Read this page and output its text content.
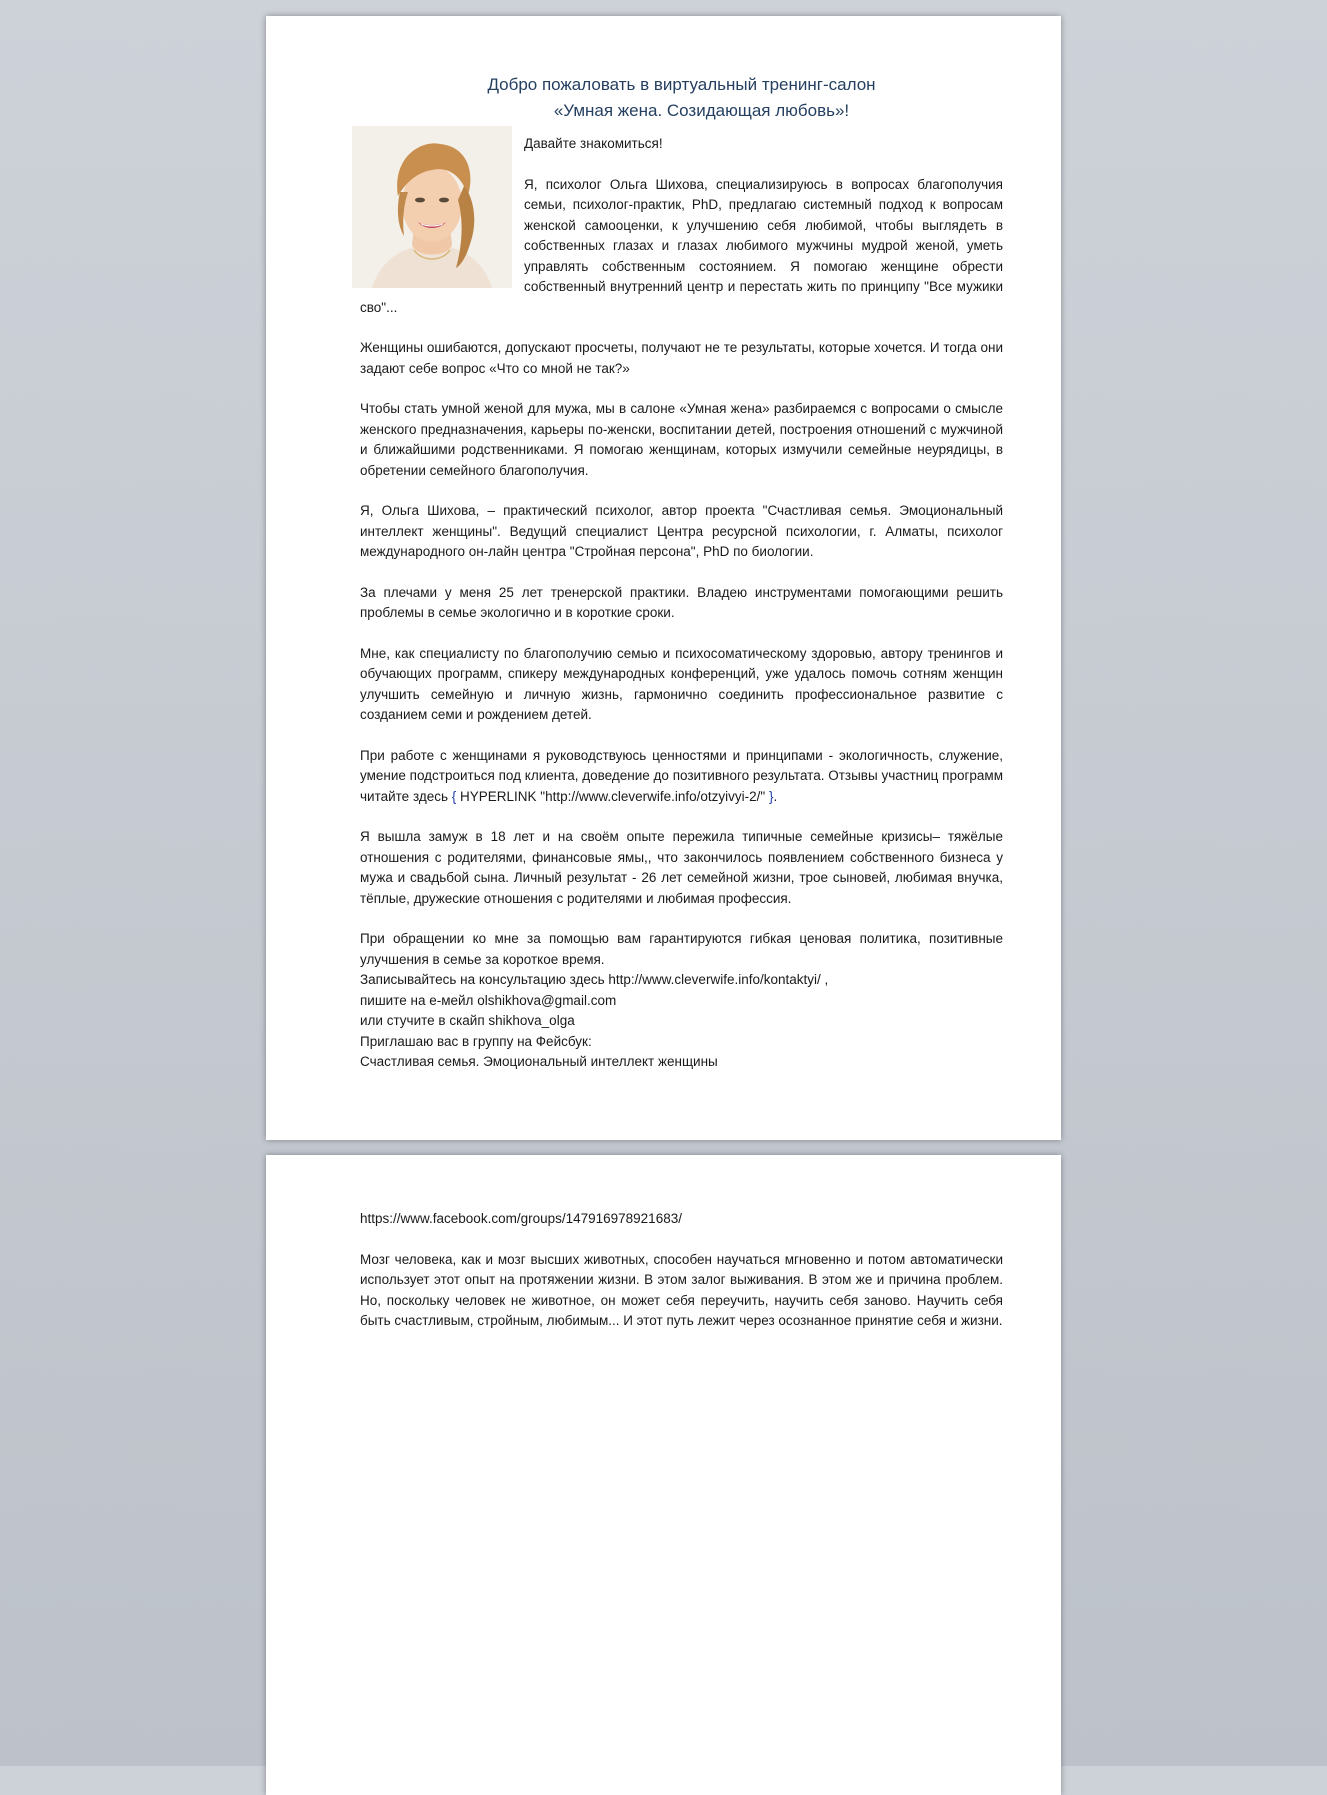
Добро пожаловать в виртуальный тренинг-салон
«Умная жена. Созидающая любовь»!

Давайте знакомиться!

Я, психолог Ольга Шихова, специализируюсь в вопросах благополучия семьи, психолог-практик, PhD, предлагаю системный подход к вопросам женской самооценки, к улучшению себя любимой, чтобы выглядеть в собственных глазах и глазах любимого мужчины мудрой женой, уметь управлять собственным состоянием. Я помогаю женщине обрести собственный внутренний центр и перестать жить по принципу "Все мужики сво"...

Женщины ошибаются, допускают просчеты, получают не те результаты, которые хочется. И тогда они задают себе вопрос «Что со мной не так?»

Чтобы стать умной женой для мужа, мы в салоне «Умная жена» разбираемся с вопросами о смысле женского предназначения, карьеры по-женски, воспитании детей, построения отношений с мужчиной и ближайшими родственниками. Я помогаю женщинам, которых измучили семейные неурядицы, в обретении семейного благополучия.

Я, Ольга Шихова, – практический психолог, автор проекта "Счастливая семья. Эмоциональный интеллект женщины". Ведущий специалист Центра ресурсной психологии, г. Алматы, психолог международного он-лайн центра "Стройная персона", PhD по биологии.

За плечами у меня 25 лет тренерской практики. Владею инструментами помогающими решить проблемы в семье экологично и в короткие сроки.

Мне, как специалисту по благополучию семью и психосоматическому здоровью, автору тренингов и обучающих программ, спикеру международных конференций, уже удалось помочь сотням женщин улучшить семейную и личную жизнь, гармонично соединить профессиональное развитие с созданием семи и рождением детей.

При работе с женщинами я руководствуюсь ценностями и принципами - экологичность, служение, умение подстроиться под клиента, доведение до позитивного результата. Отзывы участниц программ читайте здесь { HYPERLINK "http://www.cleverwife.info/otzyivyi-2/" }.

Я вышла замуж в 18 лет и на своём опыте пережила типичные семейные кризисы– тяжёлые отношения с родителями, финансовые ямы,, что закончилось появлением собственного бизнеса у мужа и свадьбой сына. Личный результат - 26 лет семейной жизни, трое сыновей, любимая внучка, тёплые, дружеские отношения с родителями и любимая профессия.

При обращении ко мне за помощью вам гарантируются гибкая ценовая политика, позитивные улучшения в семье за короткое время.

Записывайтесь на консультацию здесь http://www.cleverwife.info/kontaktyi/ ,

пишите на е-мейл olshikhova@gmail.com

или стучите в скайп shikhova_olga

Приглашаю вас в группу на Фейсбук:

Счастливая семья. Эмоциональный интеллект женщины

https://www.facebook.com/groups/147916978921683/

Мозг человека, как и мозг высших животных, способен научаться мгновенно и потом автоматически использует этот опыт на протяжении жизни. В этом залог выживания. В этом же и причина проблем. Но, поскольку человек не животное, он может себя переучить, научить себя заново. Научить себя быть счастливым, стройным, любимым... И этот путь лежит через осознанное принятие себя и жизни.
